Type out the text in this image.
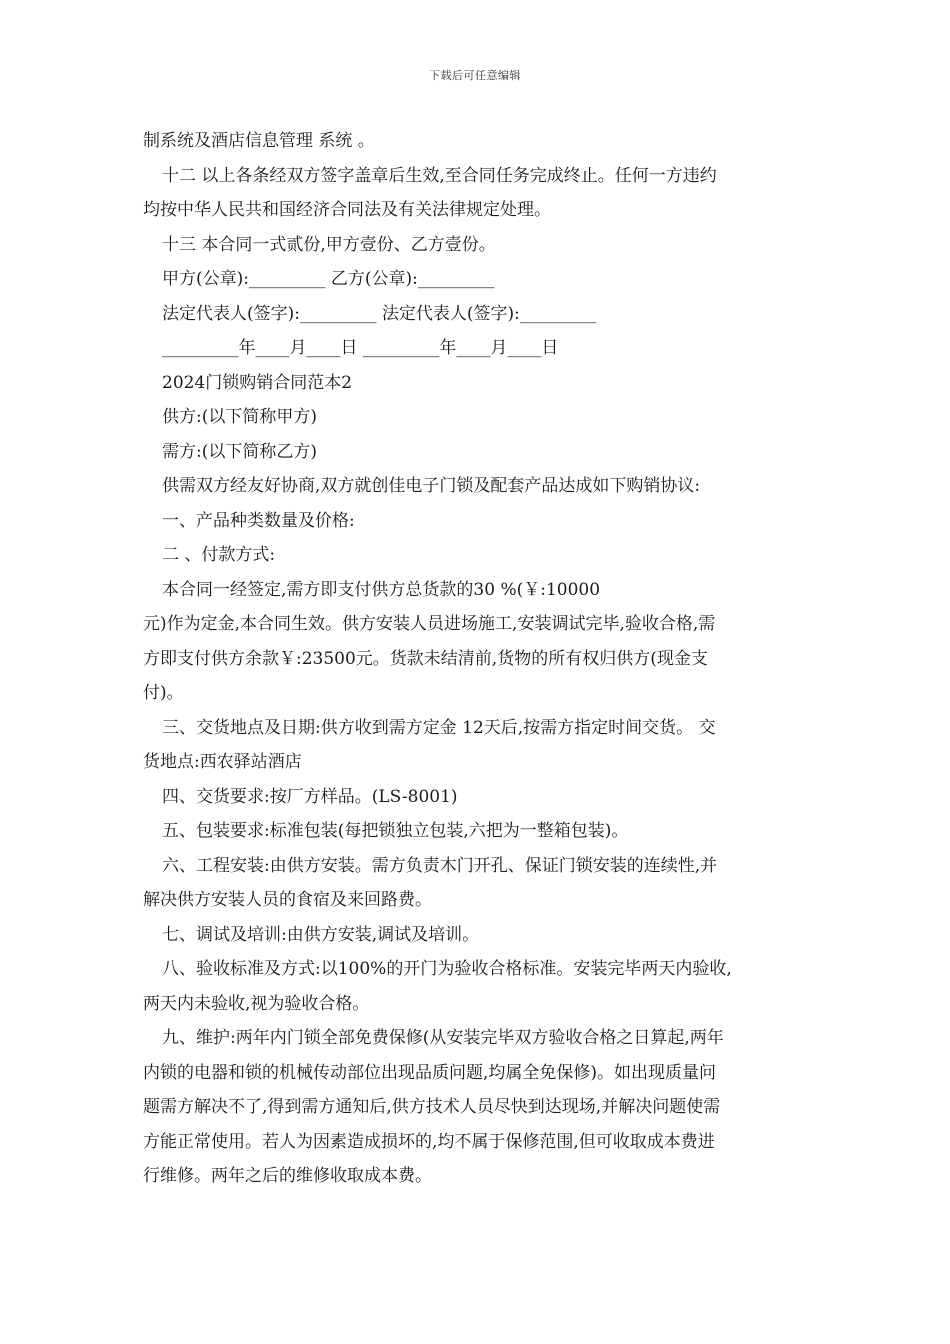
下载后可任意编辑
制系统及酒店信息管理 系统 。
十二 以上各条经双方签字盖章后生效,至合同任务完成终止。任何一方违约
均按中华人民共和国经济合同法及有关法律规定处理。
十三 本合同一式贰份,甲方壹份、乙方壹份。
甲方(公章):_________ 乙方(公章):_________
法定代表人(签字):_________ 法定代表人(签字):_________
_________年____月____日 _________年____月____日
2024门锁购销合同范本2
供方:(以下简称甲方)
需方:(以下简称乙方)
供需双方经友好协商,双方就创佳电子门锁及配套产品达成如下购销协议:
一、产品种类数量及价格:
二 、付款方式:
本合同一经签定,需方即支付供方总货款的30 %(￥:10000
元)作为定金,本合同生效。供方安装人员进场施工,安装调试完毕,验收合格,需
方即支付供方余款￥:23500元。货款未结清前,货物的所有权归供方(现金支
付)。
三、交货地点及日期:供方收到需方定金 12天后,按需方指定时间交货。 交
货地点:西农驿站酒店
四、交货要求:按厂方样品。(LS-8001)
五、包装要求:标准包装(每把锁独立包装,六把为一整箱包装)。
六、工程安装:由供方安装。需方负责木门开孔、保证门锁安装的连续性,并
解决供方安装人员的食宿及来回路费。
七、调试及培训:由供方安装,调试及培训。
八、验收标准及方式:以100%的开门为验收合格标准。安装完毕两天内验收,
两天内未验收,视为验收合格。
九、维护:两年内门锁全部免费保修(从安装完毕双方验收合格之日算起,两年
内锁的电器和锁的机械传动部位出现品质问题,均属全免保修)。如出现质量问
题需方解决不了,得到需方通知后,供方技术人员尽快到达现场,并解决问题使需
方能正常使用。若人为因素造成损坏的,均不属于保修范围,但可收取成本费进
行维修。两年之后的维修收取成本费。
